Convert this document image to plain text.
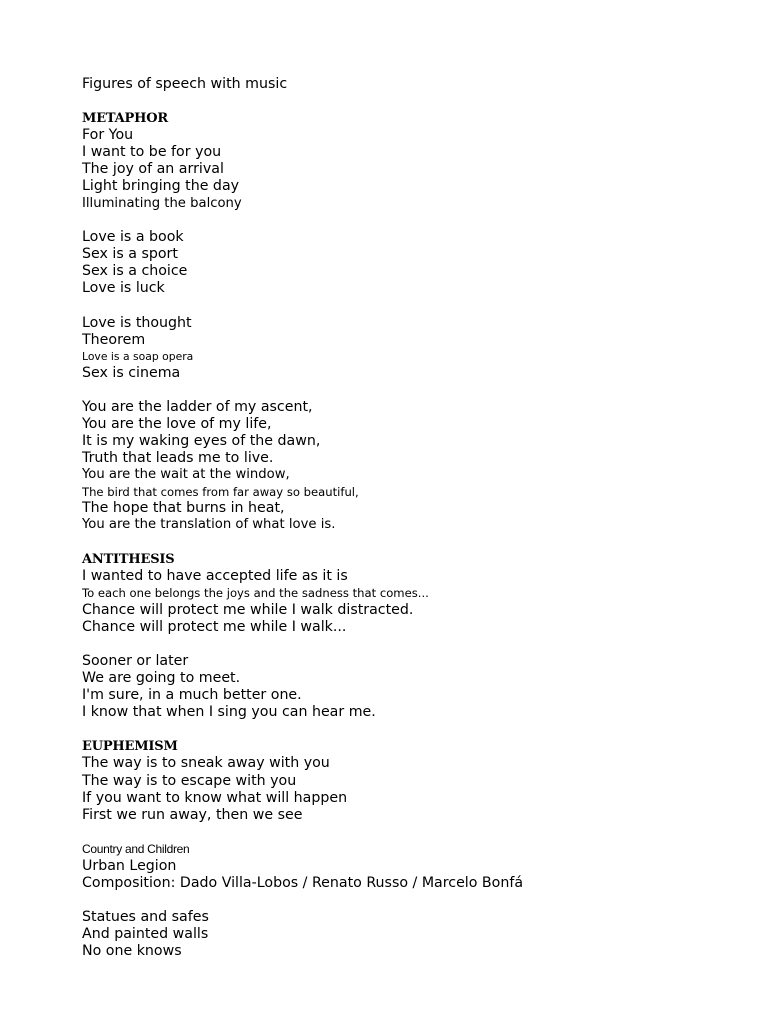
Figures of speech with music
METAPHOR
For You
I want to be for you
The joy of an arrival
Light bringing the day
Illuminating the balcony
Love is a book
Sex is a sport
Sex is a choice
Love is luck
Love is thought
Theorem
Love is a soap opera
Sex is cinema
You are the ladder of my ascent,
You are the love of my life,
It is my waking eyes of the dawn,
Truth that leads me to live.
You are the wait at the window,
The bird that comes from far away so beautiful,
The hope that burns in heat,
You are the translation of what love is.
ANTITHESIS
I wanted to have accepted life as it is
To each one belongs the joys and the sadness that comes...
Chance will protect me while I walk distracted.
Chance will protect me while I walk...
Sooner or later
We are going to meet.
I'm sure, in a much better one.
I know that when I sing you can hear me.
EUPHEMISM
The way is to sneak away with you
The way is to escape with you
If you want to know what will happen
First we run away, then we see
Country and Children
Urban Legion
Composition: Dado Villa-Lobos / Renato Russo / Marcelo Bonfá
Statues and safes
And painted walls
No one knows
